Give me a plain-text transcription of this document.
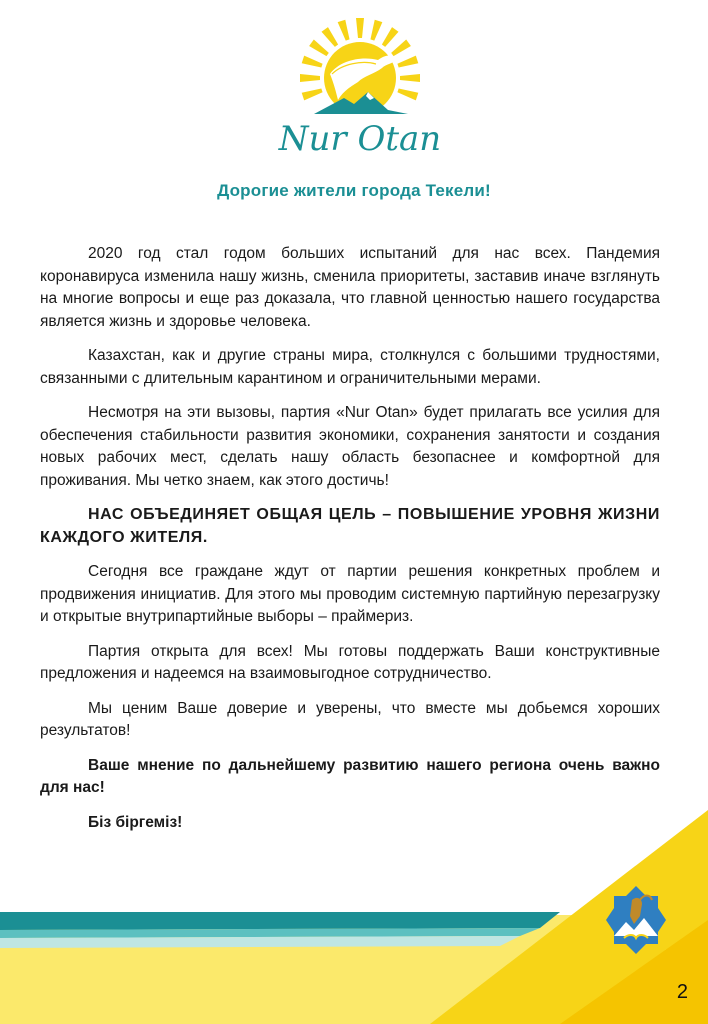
Nur Otan
Дорогие жители города Текели!

2020 год стал годом больших испытаний для нас всех. Пандемия коронавируса изменила нашу жизнь, сменила приоритеты, заставив иначе взглянуть на многие вопросы и еще раз доказала, что главной ценностью нашего государства является жизнь и здоровье человека.

Казахстан, как и другие страны мира, столкнулся с большими трудностями, связанными с длительным карантином и ограничительными мерами.

Несмотря на эти вызовы, партия «Nur Otan» будет прилагать все усилия для обеспечения стабильности развития экономики, сохранения занятости и создания новых рабочих мест, сделать нашу область безопаснее и комфортной для проживания. Мы четко знаем, как этого достичь!

НАС ОБЪЕДИНЯЕТ ОБЩАЯ ЦЕЛЬ – ПОВЫШЕНИЕ УРОВНЯ ЖИЗНИ КАЖДОГО ЖИТЕЛЯ.

Сегодня все граждане ждут от партии решения конкретных проблем и продвижения инициатив. Для этого мы проводим системную партийную перезагрузку и открытые внутрипартийные выборы – праймериз.

Партия открыта для всех! Мы готовы поддержать Ваши конструктивные предложения и надеемся на взаимовыгодное сотрудничество.

Мы ценим Ваше доверие и уверены, что вместе мы добьемся хороших результатов!

Ваше мнение по дальнейшему развитию нашего региона очень важно для нас!

Біз біргеміз!

2
